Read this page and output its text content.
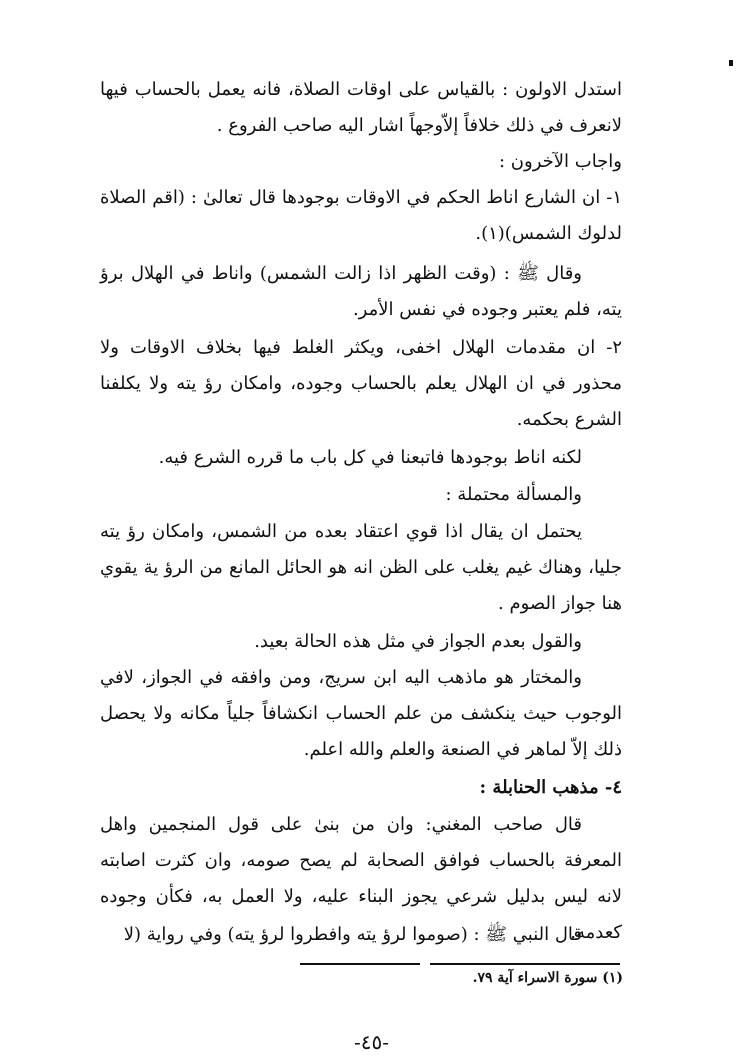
استدل الاولون : بالقياس على اوقات الصلاة، فانه يعمل بالحساب فيها لانعرف في ذلك خلافاً إلاّوجهاً اشار اليه صاحب الفروع .

واجاب الآخرون :

١- ان الشارع اناط الحكم في الاوقات بوجودها قال تعالىٰ : (اقم الصلاة لدلوك الشمس)(١).

وقال ﷺ : (وقت الظهر اذا زالت الشمس) واناط في الهلال برؤ يته، فلم يعتبر وجوده في نفس الأمر.

٢- ان مقدمات الهلال اخفى، ويكثر الغلط فيها بخلاف الاوقات ولا محذور في ان الهلال يعلم بالحساب وجوده، وامكان رؤ يته ولا يكلفنا الشرع بحكمه.

لكنه اناط بوجودها فاتبعنا في كل باب ما قرره الشرع فيه.

والمسألة محتملة :

يحتمل ان يقال اذا قوي اعتقاد بعده من الشمس، وامكان رؤ يته جليا، وهناك غيم يغلب على الظن انه هو الحائل المانع من الرؤ ية يقوي هنا جواز الصوم .

والقول بعدم الجواز في مثل هذه الحالة بعيد.

والمختار هو ماذهب اليه ابن سريج، ومن وافقه في الجواز، لافي الوجوب حيث ينكشف من علم الحساب انكشافاً جلياً مكانه ولا يحصل ذلك إلاّ لماهر في الصنعة والعلم والله اعلم.

٤- مذهب الحنابلة :

قال صاحب المغني: وان من بنىٰ على قول المنجمين واهل المعرفة بالحساب فوافق الصحابة لم يصح صومه، وان كثرت اصابته لانه ليس بدليل شرعي يجوز البناء عليه، ولا العمل به، فكأن وجوده كعدمه.

قال النبي ﷺ : (صوموا لرؤ يته وافطروا لرؤ يته) وفي رواية (لا

(١) سورة الاسراء آية ٧٩.
-٤٥-
